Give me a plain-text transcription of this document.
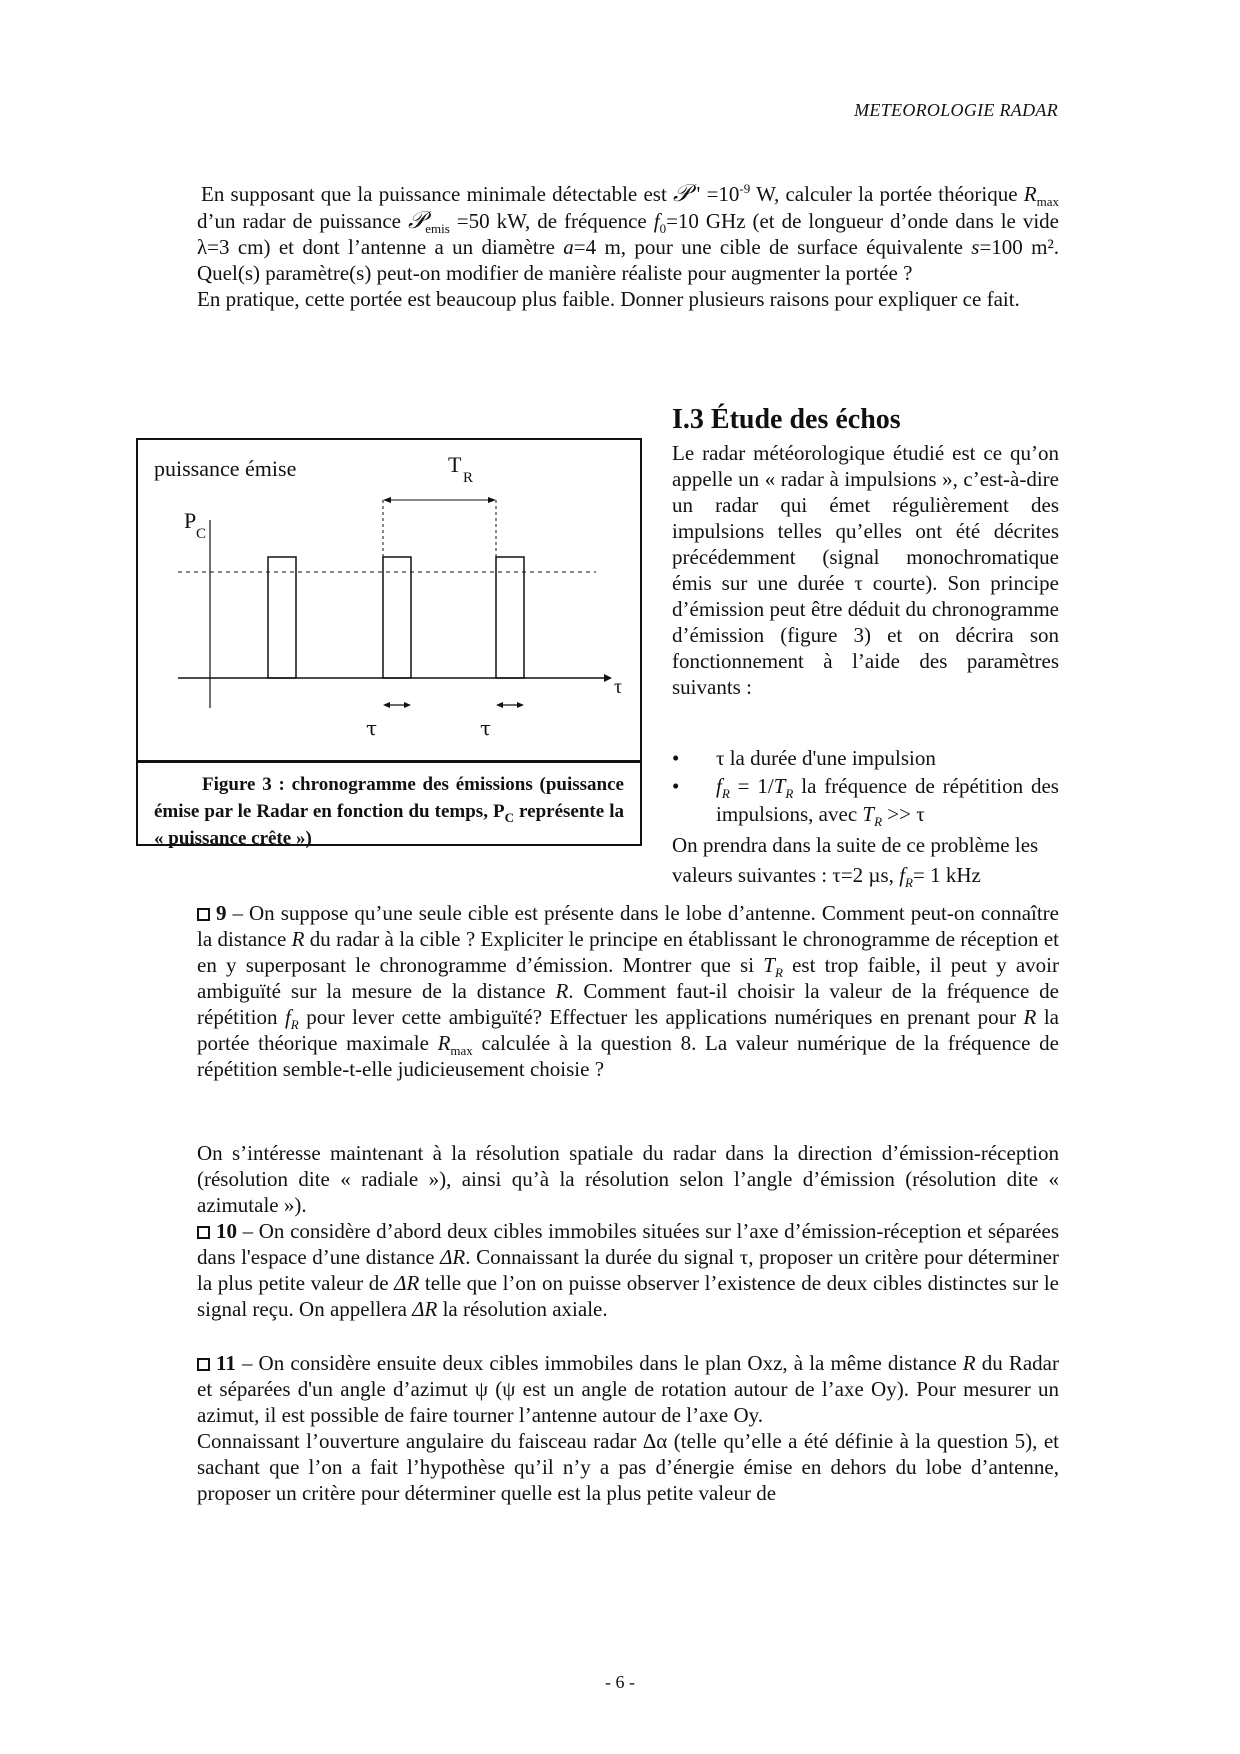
METEOROLOGIE RADAR

En supposant que la puissance minimale détectable est 𝒫 ' $=10^{-9}$ W, calculer la portée théorique $R_{max}$ d’un radar de puissance 𝒫$_{emis}$ =50 kW, de fréquence $f_0=10$ GHz (et de longueur d’onde dans le vide λ=3 cm) et dont l’antenne a un diamètre a=4 m, pour une cible de surface équivalente s=100 m². Quel(s) paramètre(s) peut-on modifier de manière réaliste pour augmenter la portée ?

En pratique, cette portée est beaucoup plus faible. Donner plusieurs raisons pour expliquer ce fait.

I.3 Étude des échos
puissance émise
P
C
T
R
τ
τ	τ
Figure 3 : chronogramme des émissions (puissance émise par le Radar en fonction du temps, $P_C$ représente la « puissance crête »)

Le radar météorologique étudié est ce qu’on appelle un « radar à impulsions », c’est-à-dire un radar qui émet régulièrement des impulsions telles qu’elles ont été décrites précédemment (signal monochromatique émis sur une durée τ courte). Son principe d’émission peut être déduit du chronogramme d’émission (figure 3) et on décrira son fonctionnement à l’aide des paramètres suivants :

• τ la durée d'une impulsion
• $f_R = 1/T_R$ la fréquence de répétition des impulsions, avec $T_R >> \tau$
On prendra dans la suite de ce problème les valeurs suivantes : τ=2 µs, $f_R= 1$ kHz

9 – On suppose qu’une seule cible est présente dans le lobe d’antenne. Comment peut-on connaître la distance R du radar à la cible ? Expliciter le principe en établissant le chronogramme de réception et en y superposant le chronogramme d’émission. Montrer que si $T_R$ est trop faible, il peut y avoir ambiguïté sur la mesure de la distance R. Comment faut-il choisir la valeur de la fréquence de répétition $f_R$ pour lever cette ambiguïté? Effectuer les applications numériques en prenant pour R la portée théorique maximale $R_{max}$ calculée à la question 8. La valeur numérique de la fréquence de répétition semble-t-elle judicieusement choisie ?

On s’intéresse maintenant à la résolution spatiale du radar dans la direction d’émission-réception (résolution dite « radiale »), ainsi qu’à la résolution selon l’angle d’émission (résolution dite « azimutale »).

10 – On considère d’abord deux cibles immobiles situées sur l’axe d’émission-réception et séparées dans l'espace d’une distance ΔR. Connaissant la durée du signal τ, proposer un critère pour déterminer la plus petite valeur de ΔR telle que l’on on puisse observer l’existence de deux cibles distinctes sur le signal reçu. On appellera ΔR la résolution axiale.

11 – On considère ensuite deux cibles immobiles dans le plan Oxz, à la même distance R du Radar et séparées d'un angle d’azimut ψ (ψ est un angle de rotation autour de l’axe Oy). Pour mesurer un azimut, il est possible de faire tourner l’antenne autour de l’axe Oy.

Connaissant l’ouverture angulaire du faisceau radar Δα (telle qu’elle a été définie à la question 5), et sachant que l’on a fait l’hypothèse qu’il n’y a pas d’énergie émise en dehors du lobe d’antenne, proposer un critère pour déterminer quelle est la plus petite valeur de

- 6 -
